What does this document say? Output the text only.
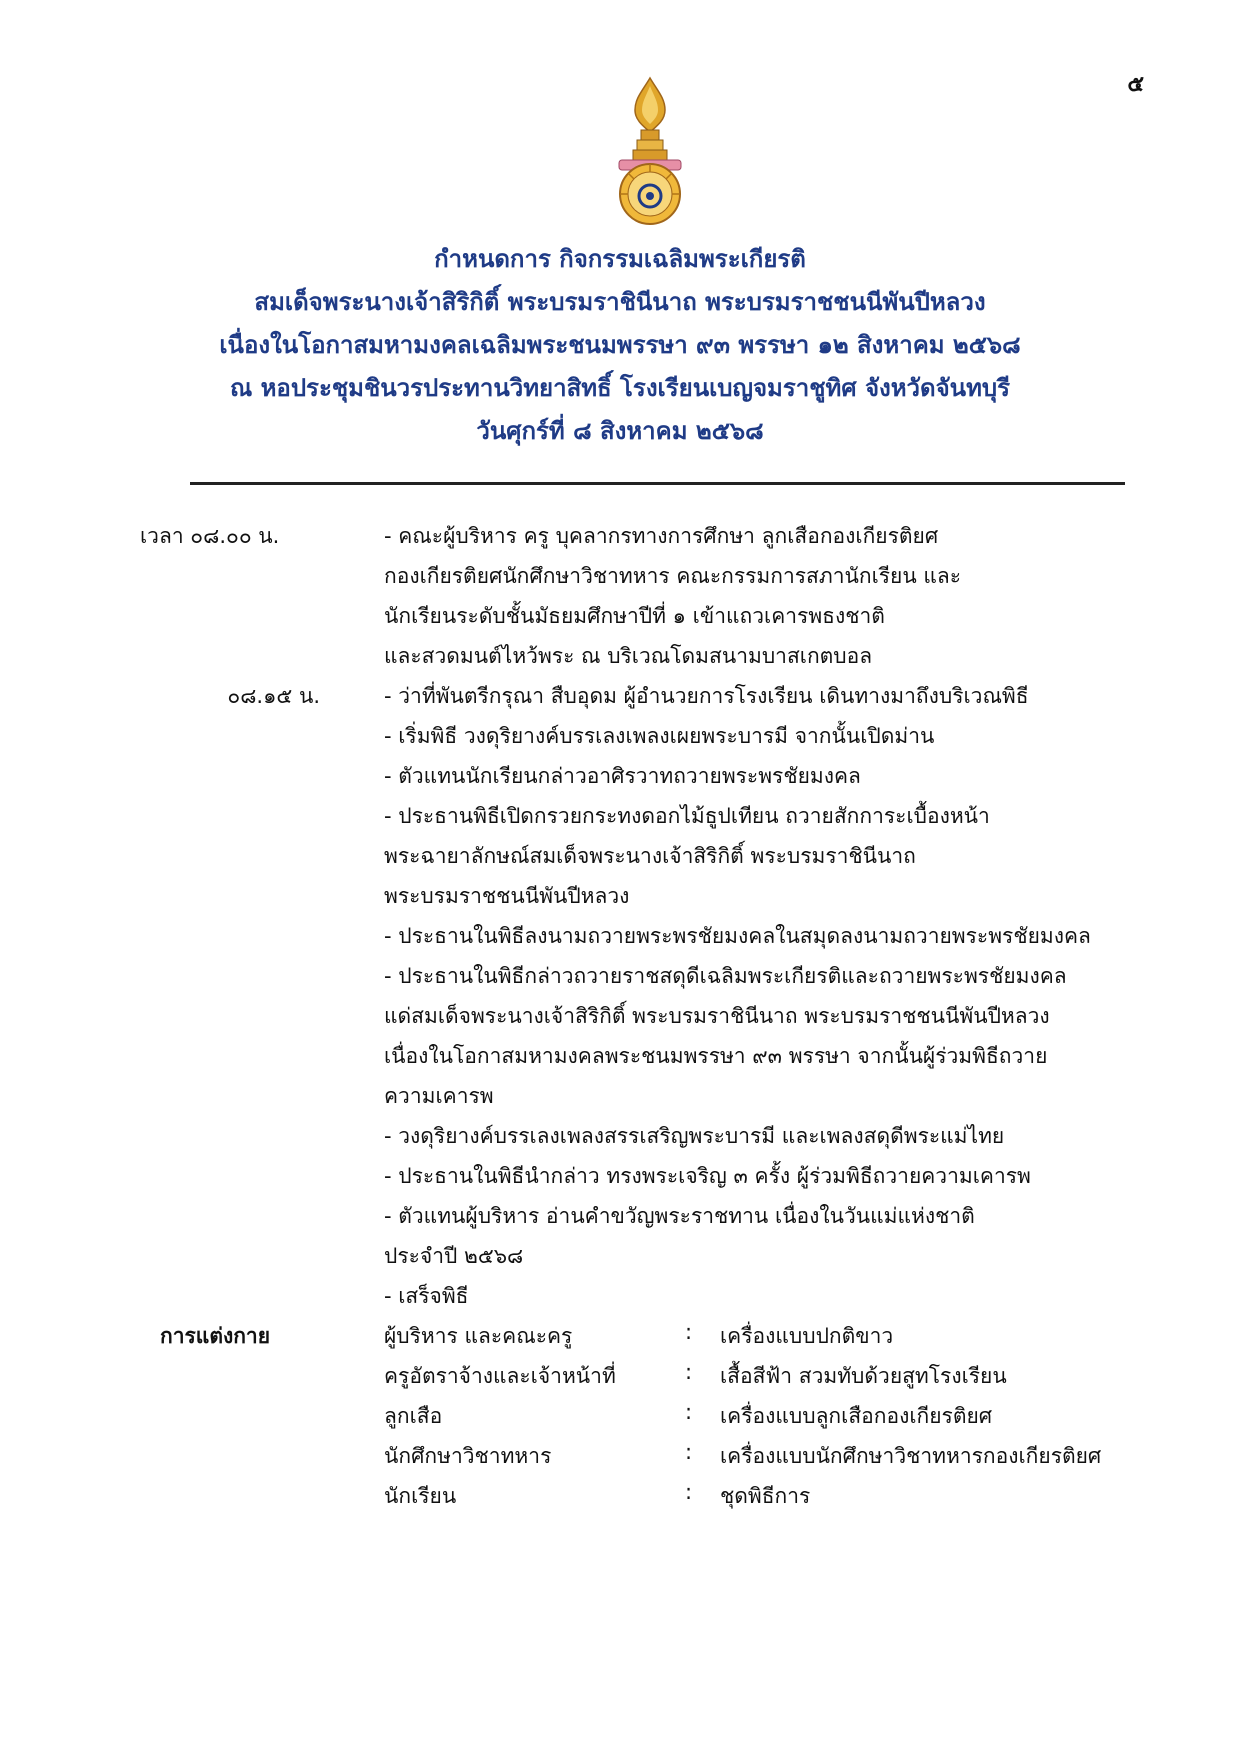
๕
กำหนดการ กิจกรรมเฉลิมพระเกียรติ
สมเด็จพระนางเจ้าสิริกิติ์ พระบรมราชินีนาถ พระบรมราชชนนีพันปีหลวง
เนื่องในโอกาสมหามงคลเฉลิมพระชนมพรรษา ๙๓ พรรษา ๑๒ สิงหาคม ๒๕๖๘
ณ หอประชุมชินวรประทานวิทยาสิทธิ์ โรงเรียนเบญจมราชูทิศ จังหวัดจันทบุรี
วันศุกร์ที่ ๘ สิงหาคม ๒๕๖๘
เวลา ๐๘.๐๐ น.	- คณะผู้บริหาร ครู บุคลากรทางการศึกษา ลูกเสือกองเกียรติยศ
กองเกียรติยศนักศึกษาวิชาทหาร คณะกรรมการสภานักเรียน และ
นักเรียนระดับชั้นมัธยมศึกษาปีที่ ๑ เข้าแถวเคารพธงชาติ
และสวดมนต์ไหว้พระ ณ บริเวณโดมสนามบาสเกตบอล
๐๘.๑๕ น.	- ว่าที่พันตรีกรุณา สืบอุดม ผู้อำนวยการโรงเรียน เดินทางมาถึงบริเวณพิธี
- เริ่มพิธี วงดุริยางค์บรรเลงเพลงเผยพระบารมี จากนั้นเปิดม่าน
- ตัวแทนนักเรียนกล่าวอาศิรวาทถวายพระพรชัยมงคล
- ประธานพิธีเปิดกรวยกระทงดอกไม้ธูปเทียน ถวายสักการะเบื้องหน้า
พระฉายาลักษณ์สมเด็จพระนางเจ้าสิริกิติ์ พระบรมราชินีนาถ
พระบรมราชชนนีพันปีหลวง
- ประธานในพิธีลงนามถวายพระพรชัยมงคลในสมุดลงนามถวายพระพรชัยมงคล
- ประธานในพิธีกล่าวถวายราชสดุดีเฉลิมพระเกียรติและถวายพระพรชัยมงคล
แด่สมเด็จพระนางเจ้าสิริกิติ์ พระบรมราชินีนาถ พระบรมราชชนนีพันปีหลวง
เนื่องในโอกาสมหามงคลพระชนมพรรษา ๙๓ พรรษา จากนั้นผู้ร่วมพิธีถวาย
ความเคารพ
- วงดุริยางค์บรรเลงเพลงสรรเสริญพระบารมี และเพลงสดุดีพระแม่ไทย
- ประธานในพิธีนำกล่าว ทรงพระเจริญ ๓ ครั้ง ผู้ร่วมพิธีถวายความเคารพ
- ตัวแทนผู้บริหาร อ่านคำขวัญพระราชทาน เนื่องในวันแม่แห่งชาติ
ประจำปี ๒๕๖๘
- เสร็จพิธี
การแต่งกาย	ผู้บริหาร และคณะครู	: เครื่องแบบปกติขาว
ครูอัตราจ้างและเจ้าหน้าที่	: เสื้อสีฟ้า สวมทับด้วยสูทโรงเรียน
ลูกเสือ	: เครื่องแบบลูกเสือกองเกียรติยศ
นักศึกษาวิชาทหาร	: เครื่องแบบนักศึกษาวิชาทหารกองเกียรติยศ
นักเรียน	: ชุดพิธีการ
